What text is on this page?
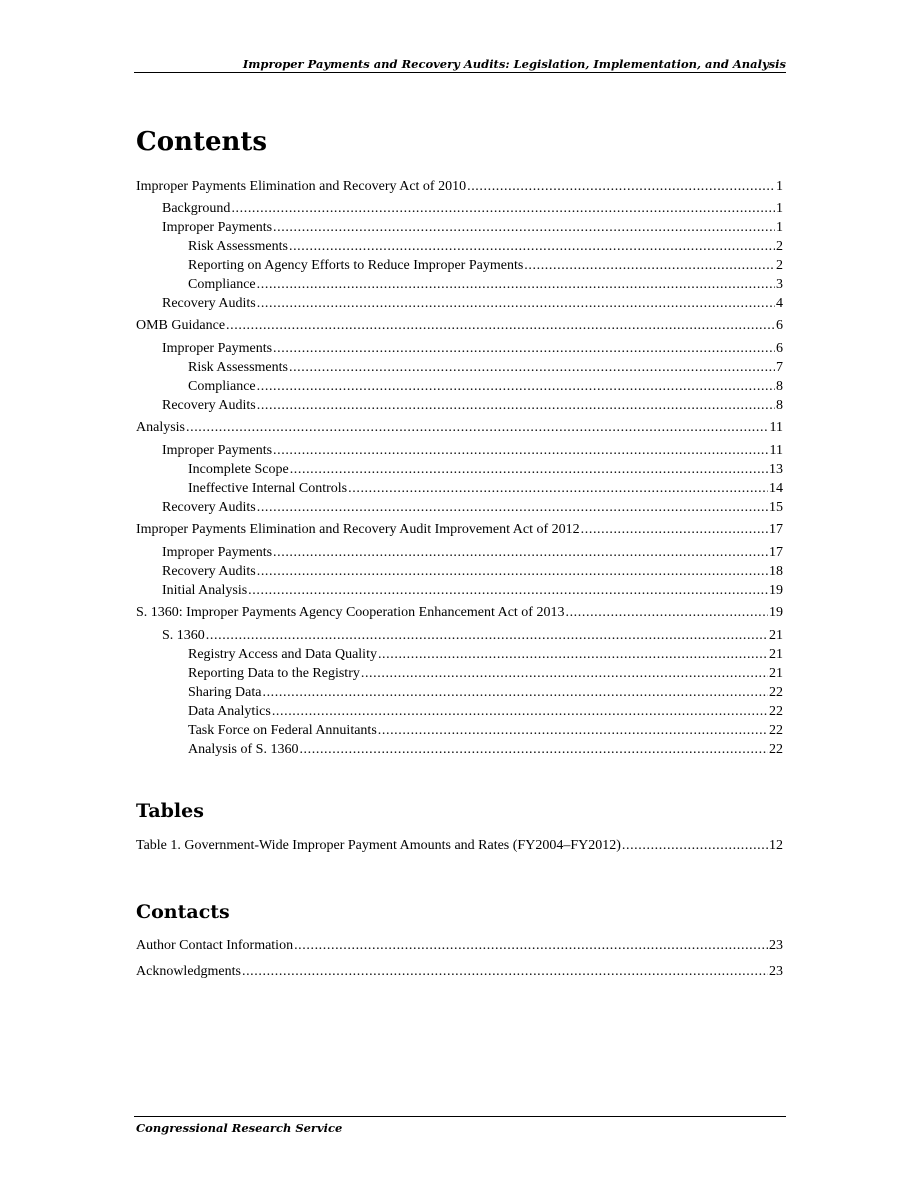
Improper Payments and Recovery Audits: Legislation, Implementation, and Analysis
Contents
Improper Payments Elimination and Recovery Act of 2010 .....	1
Background .....	1
Improper Payments .....	1
Risk Assessments .....	2
Reporting on Agency Efforts to Reduce Improper Payments .....	2
Compliance .....	3
Recovery Audits .....	4
OMB Guidance .....	6
Improper Payments .....	6
Risk Assessments .....	7
Compliance .....	8
Recovery Audits .....	8
Analysis .....	11
Improper Payments .....	11
Incomplete Scope .....	13
Ineffective Internal Controls .....	14
Recovery Audits .....	15
Improper Payments Elimination and Recovery Audit Improvement Act of 2012 .....	17
Improper Payments .....	17
Recovery Audits .....	18
Initial Analysis .....	19
S. 1360: Improper Payments Agency Cooperation Enhancement Act of 2013 .....	19
S. 1360 .....	21
Registry Access and Data Quality .....	21
Reporting Data to the Registry .....	21
Sharing Data .....	22
Data Analytics .....	22
Task Force on Federal Annuitants .....	22
Analysis of S. 1360 .....	22
Table 1. Government-Wide Improper Payment Amounts and Rates (FY2004–FY2012) .....	12
Author Contact Information .....	23
Acknowledgments .....	23
Tables
Contacts
Congressional Research Service
